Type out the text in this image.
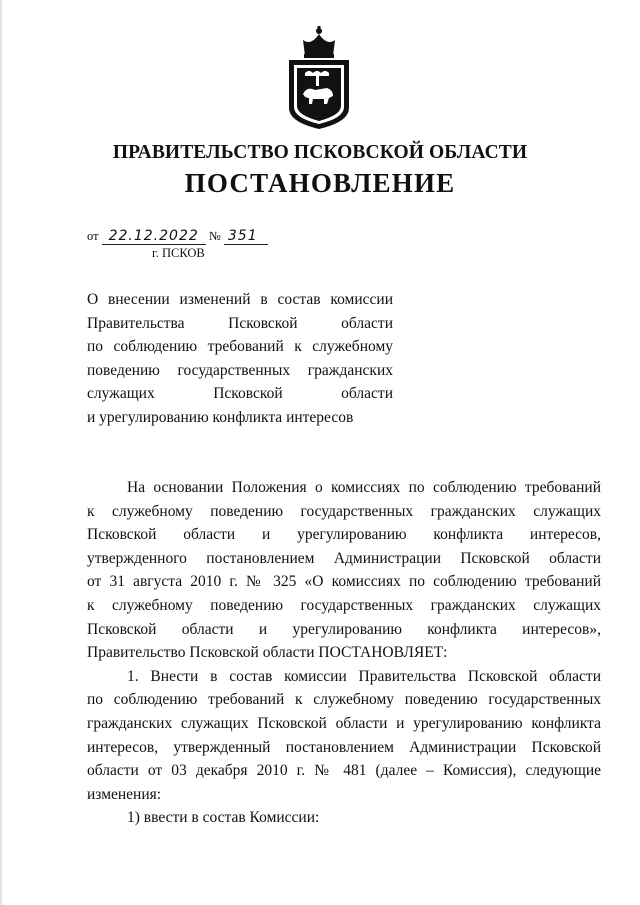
ПРАВИТЕЛЬСТВО ПСКОВСКОЙ ОБЛАСТИ
ПОСТАНОВЛЕНИЕ
от 22.12.2022 № 351
г. ПСКОВ
О внесении изменений в состав комиссии
Правительства Псковской области
по соблюдению требований к служебному
поведению государственных гражданских
служащих Псковской области
и урегулированию конфликта интересов
На основании Положения о комиссиях по соблюдению требований
к служебному поведению государственных гражданских служащих
Псковской области и урегулированию конфликта интересов,
утвержденного постановлением Администрации Псковской области
от 31 августа 2010 г. № 325 «О комиссиях по соблюдению требований
к служебному поведению государственных гражданских служащих
Псковской области и урегулированию конфликта интересов»,
Правительство Псковской области ПОСТАНОВЛЯЕТ:
1. Внести в состав комиссии Правительства Псковской области
по соблюдению требований к служебному поведению государственных
гражданских служащих Псковской области и урегулированию конфликта
интересов, утвержденный постановлением Администрации Псковской
области от 03 декабря 2010 г. № 481 (далее – Комиссия), следующие
изменения:
1) ввести в состав Комиссии:
